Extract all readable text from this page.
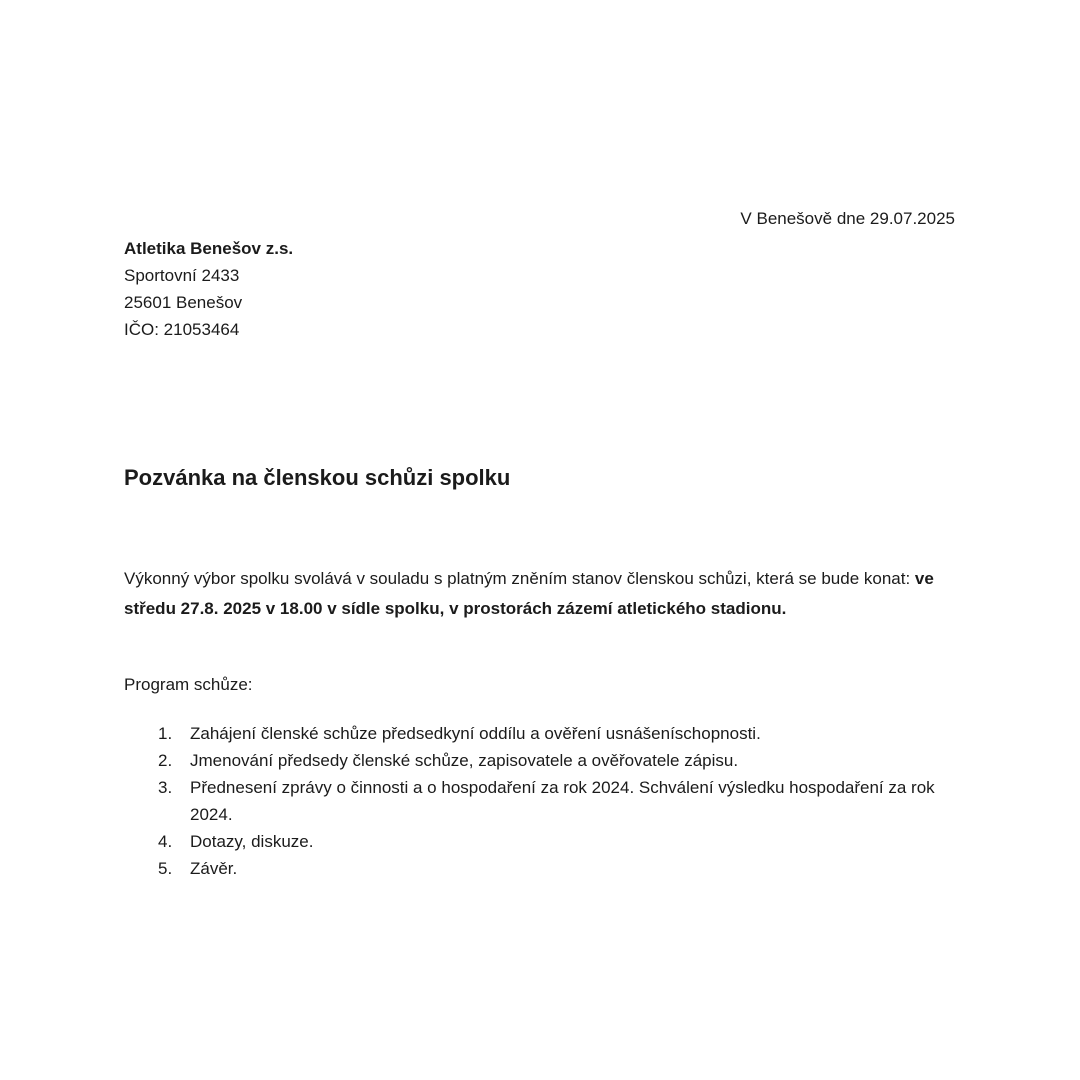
V Benešově dne 29.07.2025
Atletika Benešov z.s.
Sportovní 2433
25601 Benešov
IČO: 21053464
Pozvánka na členskou schůzi spolku

Výkonný výbor spolku svolává v souladu s platným zněním stanov členskou schůzi, která se bude konat: ve středu 27.8. 2025 v 18.00 v sídle spolku, v prostorách zázemí atletického stadionu.

Program schůze:
Zahájení členské schůze předsedkyní oddílu a ověření usnášeníschopnosti.
Jmenování předsedy členské schůze, zapisovatele a ověřovatele zápisu.
Přednesení zprávy o činnosti a o hospodaření za rok 2024. Schválení výsledku hospodaření za rok 2024.
Dotazy, diskuze.
Závěr.
